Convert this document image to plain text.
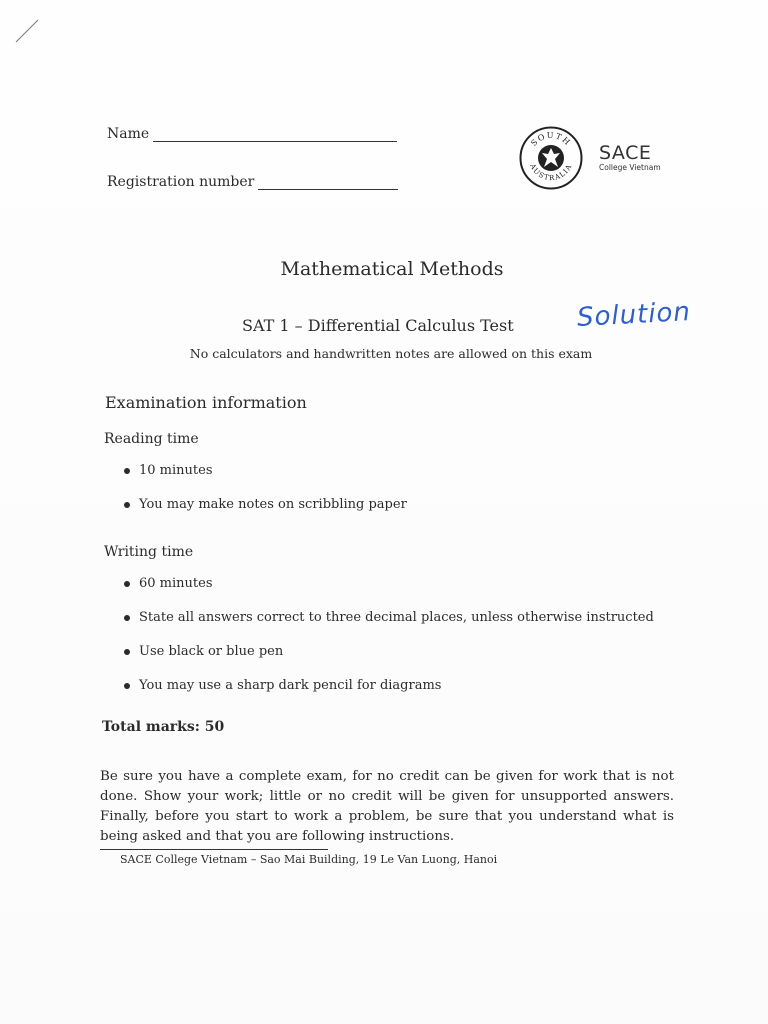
Name
Registration number
SOUTH
AUSTRALIA
SACE
College Vietnam
Mathematical Methods
SAT 1 – Differential Calculus Test Solution
No calculators and handwritten notes are allowed on this exam
Examination information
Reading time
10 minutes
You may make notes on scribbling paper
Writing time
60 minutes
State all answers correct to three decimal places, unless otherwise instructed
Use black or blue pen
You may use a sharp dark pencil for diagrams
Total marks: 50
Be sure you have a complete exam, for no credit can be given for work that is not done. Show your work; little or no credit will be given for unsupported answers. Finally, before you start to work a problem, be sure that you understand what is being asked and that you are following instructions.
SACE College Vietnam – Sao Mai Building, 19 Le Van Luong, Hanoi
